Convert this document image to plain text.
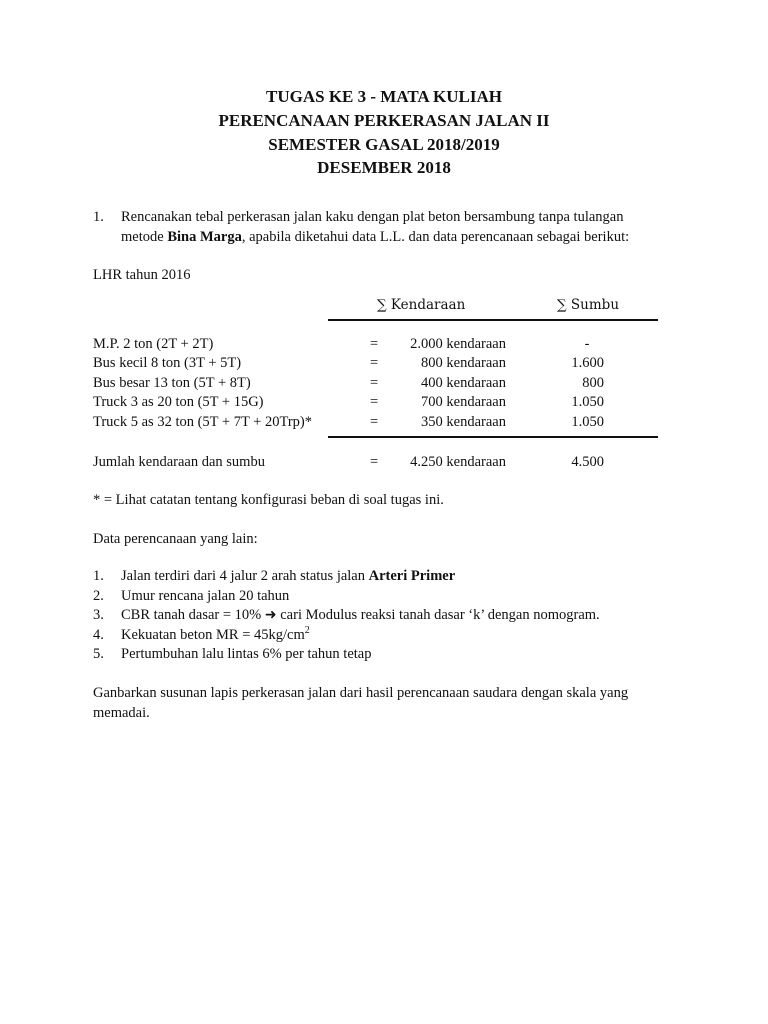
TUGAS KE 3 - MATA KULIAH
PERENCANAAN PERKERASAN JALAN II
SEMESTER GASAL 2018/2019
DESEMBER 2018
1. Rencanakan tebal perkerasan jalan kaku dengan plat beton bersambung tanpa tulangan
metode Bina Marga, apabila diketahui data L.L. dan data perencanaan sebagai berikut:
LHR tahun 2016
∑ Kendaraan	∑ Sumbu
M.P. 2 ton (2T + 2T)	=	2.000 kendaraan	-
Bus kecil 8 ton (3T + 5T)	=	800 kendaraan	1.600
Bus besar 13 ton (5T + 8T)	=	400 kendaraan	800
Truck 3 as 20 ton (5T + 15G)	=	700 kendaraan	1.050
Truck 5 as 32 ton (5T + 7T + 20Trp)*	=	350 kendaraan	1.050
Jumlah kendaraan dan sumbu	=	4.250 kendaraan	4.500
* = Lihat catatan tentang konfigurasi beban di soal tugas ini.
Data perencanaan yang lain:
1. Jalan terdiri dari 4 jalur 2 arah status jalan Arteri Primer
2. Umur rencana jalan 20 tahun
3. CBR tanah dasar = 10% ➜ cari Modulus reaksi tanah dasar ‘k’ dengan nomogram.
4. Kekuatan beton MR = $45kg/cm^2$
5. Pertumbuhan lalu lintas 6% per tahun tetap
Ganbarkan susunan lapis perkerasan jalan dari hasil perencanaan saudara dengan skala yang
memadai.
